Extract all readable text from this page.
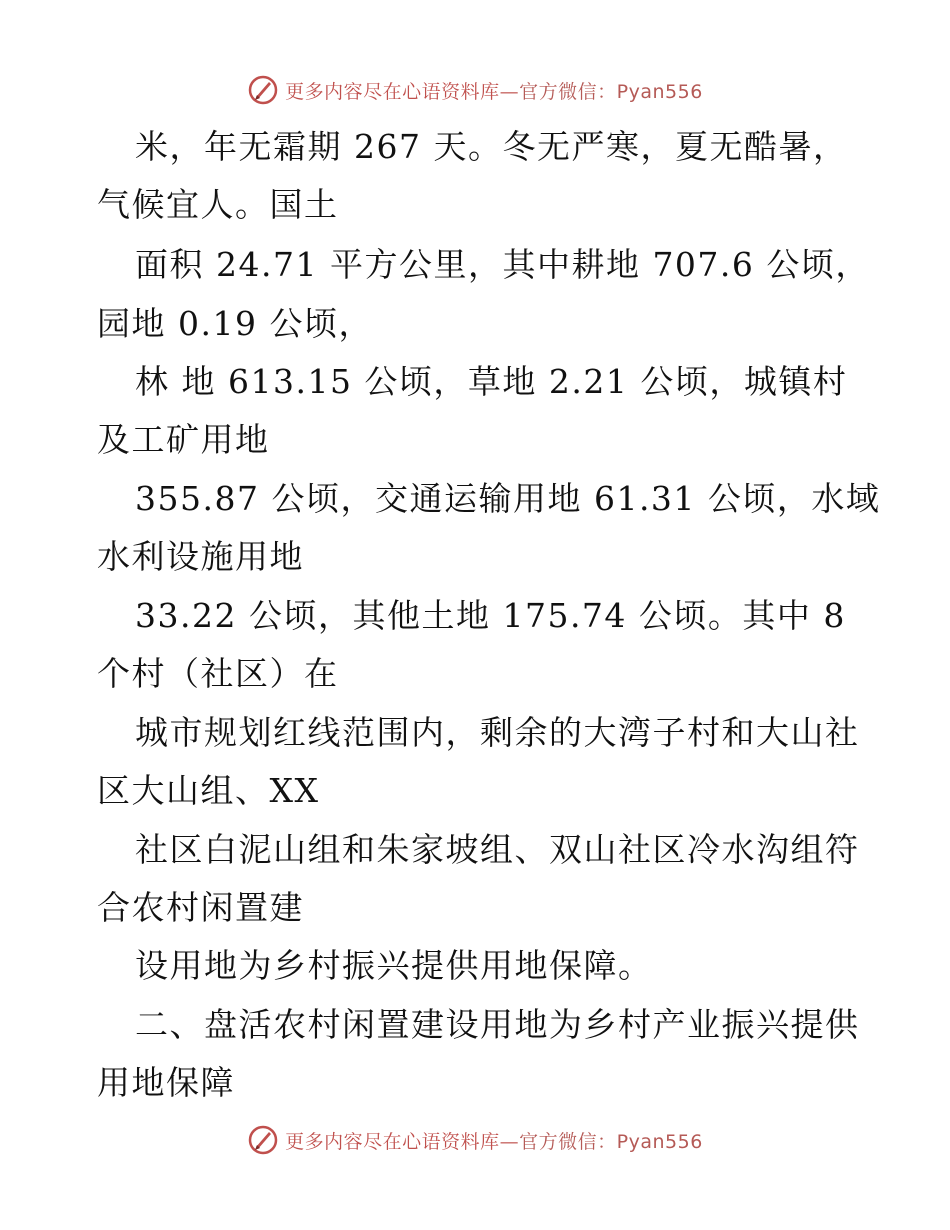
更多内容尽在心语资料库—官方微信：Pyan556
米，年无霜期 267 天。冬无严寒，夏无酷暑，
气候宜人。国土
面积 24.71 平方公里，其中耕地 707.6 公顷，
园地 0.19 公顷，
林 地 613.15 公顷，草地 2.21 公顷，城镇村
及工矿用地
355.87 公顷，交通运输用地 61.31 公顷，水域
水利设施用地
33.22 公顷，其他土地 175.74 公顷。其中 8
个村（社区）在
城市规划红线范围内，剩余的大湾子村和大山社
区大山组、XX
社区白泥山组和朱家坡组、双山社区冷水沟组符
合农村闲置建
设用地为乡村振兴提供用地保障。
二、盘活农村闲置建设用地为乡村产业振兴提供
用地保障
更多内容尽在心语资料库—官方微信：Pyan556
